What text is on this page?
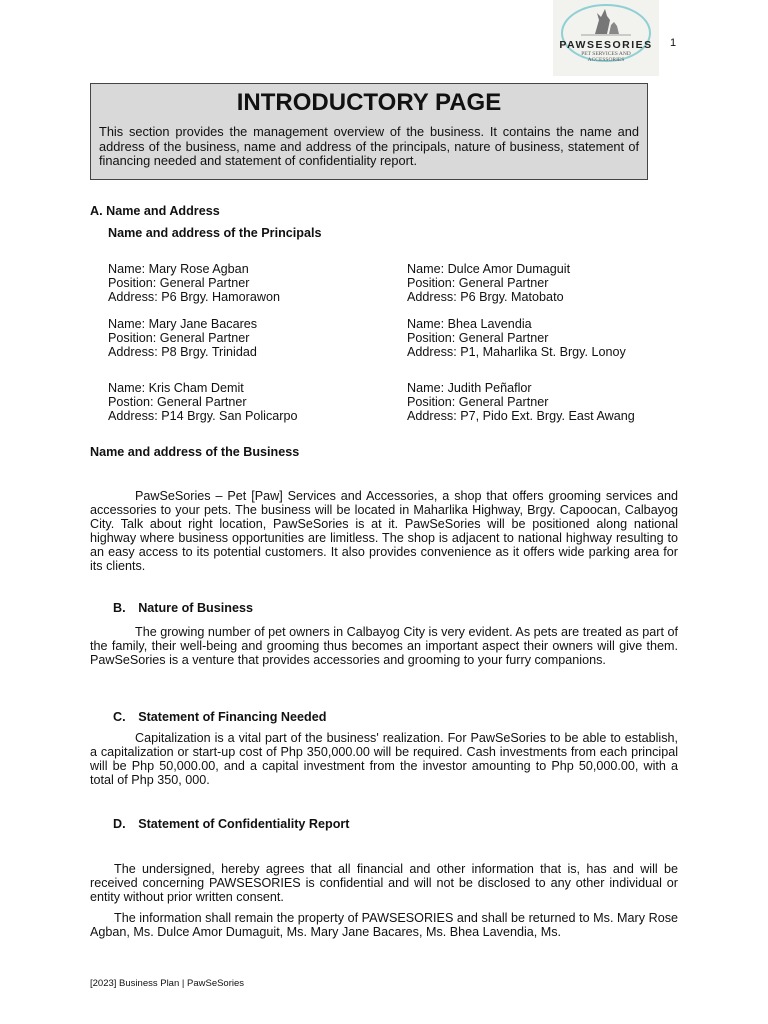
PAWSESORIES
PET SERVICES AND ACCESSORIES
1
INTRODUCTORY PAGE
This section provides the management overview of the business. It contains the name and address of the business, name and address of the principals, nature of business, statement of financing needed and statement of confidentiality report.
A. Name and Address
Name and address of the Principals
Name: Mary Rose Agban
Position: General Partner
Address: P6 Brgy. Hamorawon
Name: Dulce Amor Dumaguit
Position: General Partner
Address: P6 Brgy. Matobato
Name: Mary Jane Bacares
Position: General Partner
Address: P8 Brgy. Trinidad
Name: Bhea Lavendia
Position: General Partner
Address: P1, Maharlika St. Brgy. Lonoy
Name: Kris Cham Demit
Postion: General Partner
Address: P14 Brgy. San Policarpo
Name: Judith Peñaflor
Position: General Partner
Address: P7, Pido Ext. Brgy. East Awang
Name and address of the Business
PawSeSories – Pet [Paw] Services and Accessories, a shop that offers grooming services and accessories to your pets. The business will be located in Maharlika Highway, Brgy. Capoocan, Calbayog City. Talk about right location, PawSeSories is at it. PawSeSories will be positioned along national highway where business opportunities are limitless. The shop is adjacent to national highway resulting to an easy access to its potential customers. It also provides convenience as it offers wide parking area for its clients.
B. Nature of Business
The growing number of pet owners in Calbayog City is very evident. As pets are treated as part of the family, their well-being and grooming thus becomes an important aspect their owners will give them. PawSeSories is a venture that provides accessories and grooming to your furry companions.
C. Statement of Financing Needed
Capitalization is a vital part of the business' realization. For PawSeSories to be able to establish, a capitalization or start-up cost of Php 350,000.00 will be required. Cash investments from each principal will be Php 50,000.00, and a capital investment from the investor amounting to Php 50,000.00, with a total of Php 350, 000.
D. Statement of Confidentiality Report
The undersigned, hereby agrees that all financial and other information that is, has and will be received concerning PAWSESORIES is confidential and will not be disclosed to any other individual or entity without prior written consent.
The information shall remain the property of PAWSESORIES and shall be returned to Ms. Mary Rose Agban, Ms. Dulce Amor Dumaguit, Ms. Mary Jane Bacares, Ms. Bhea Lavendia, Ms.
[2023] Business Plan | PawSeSories
